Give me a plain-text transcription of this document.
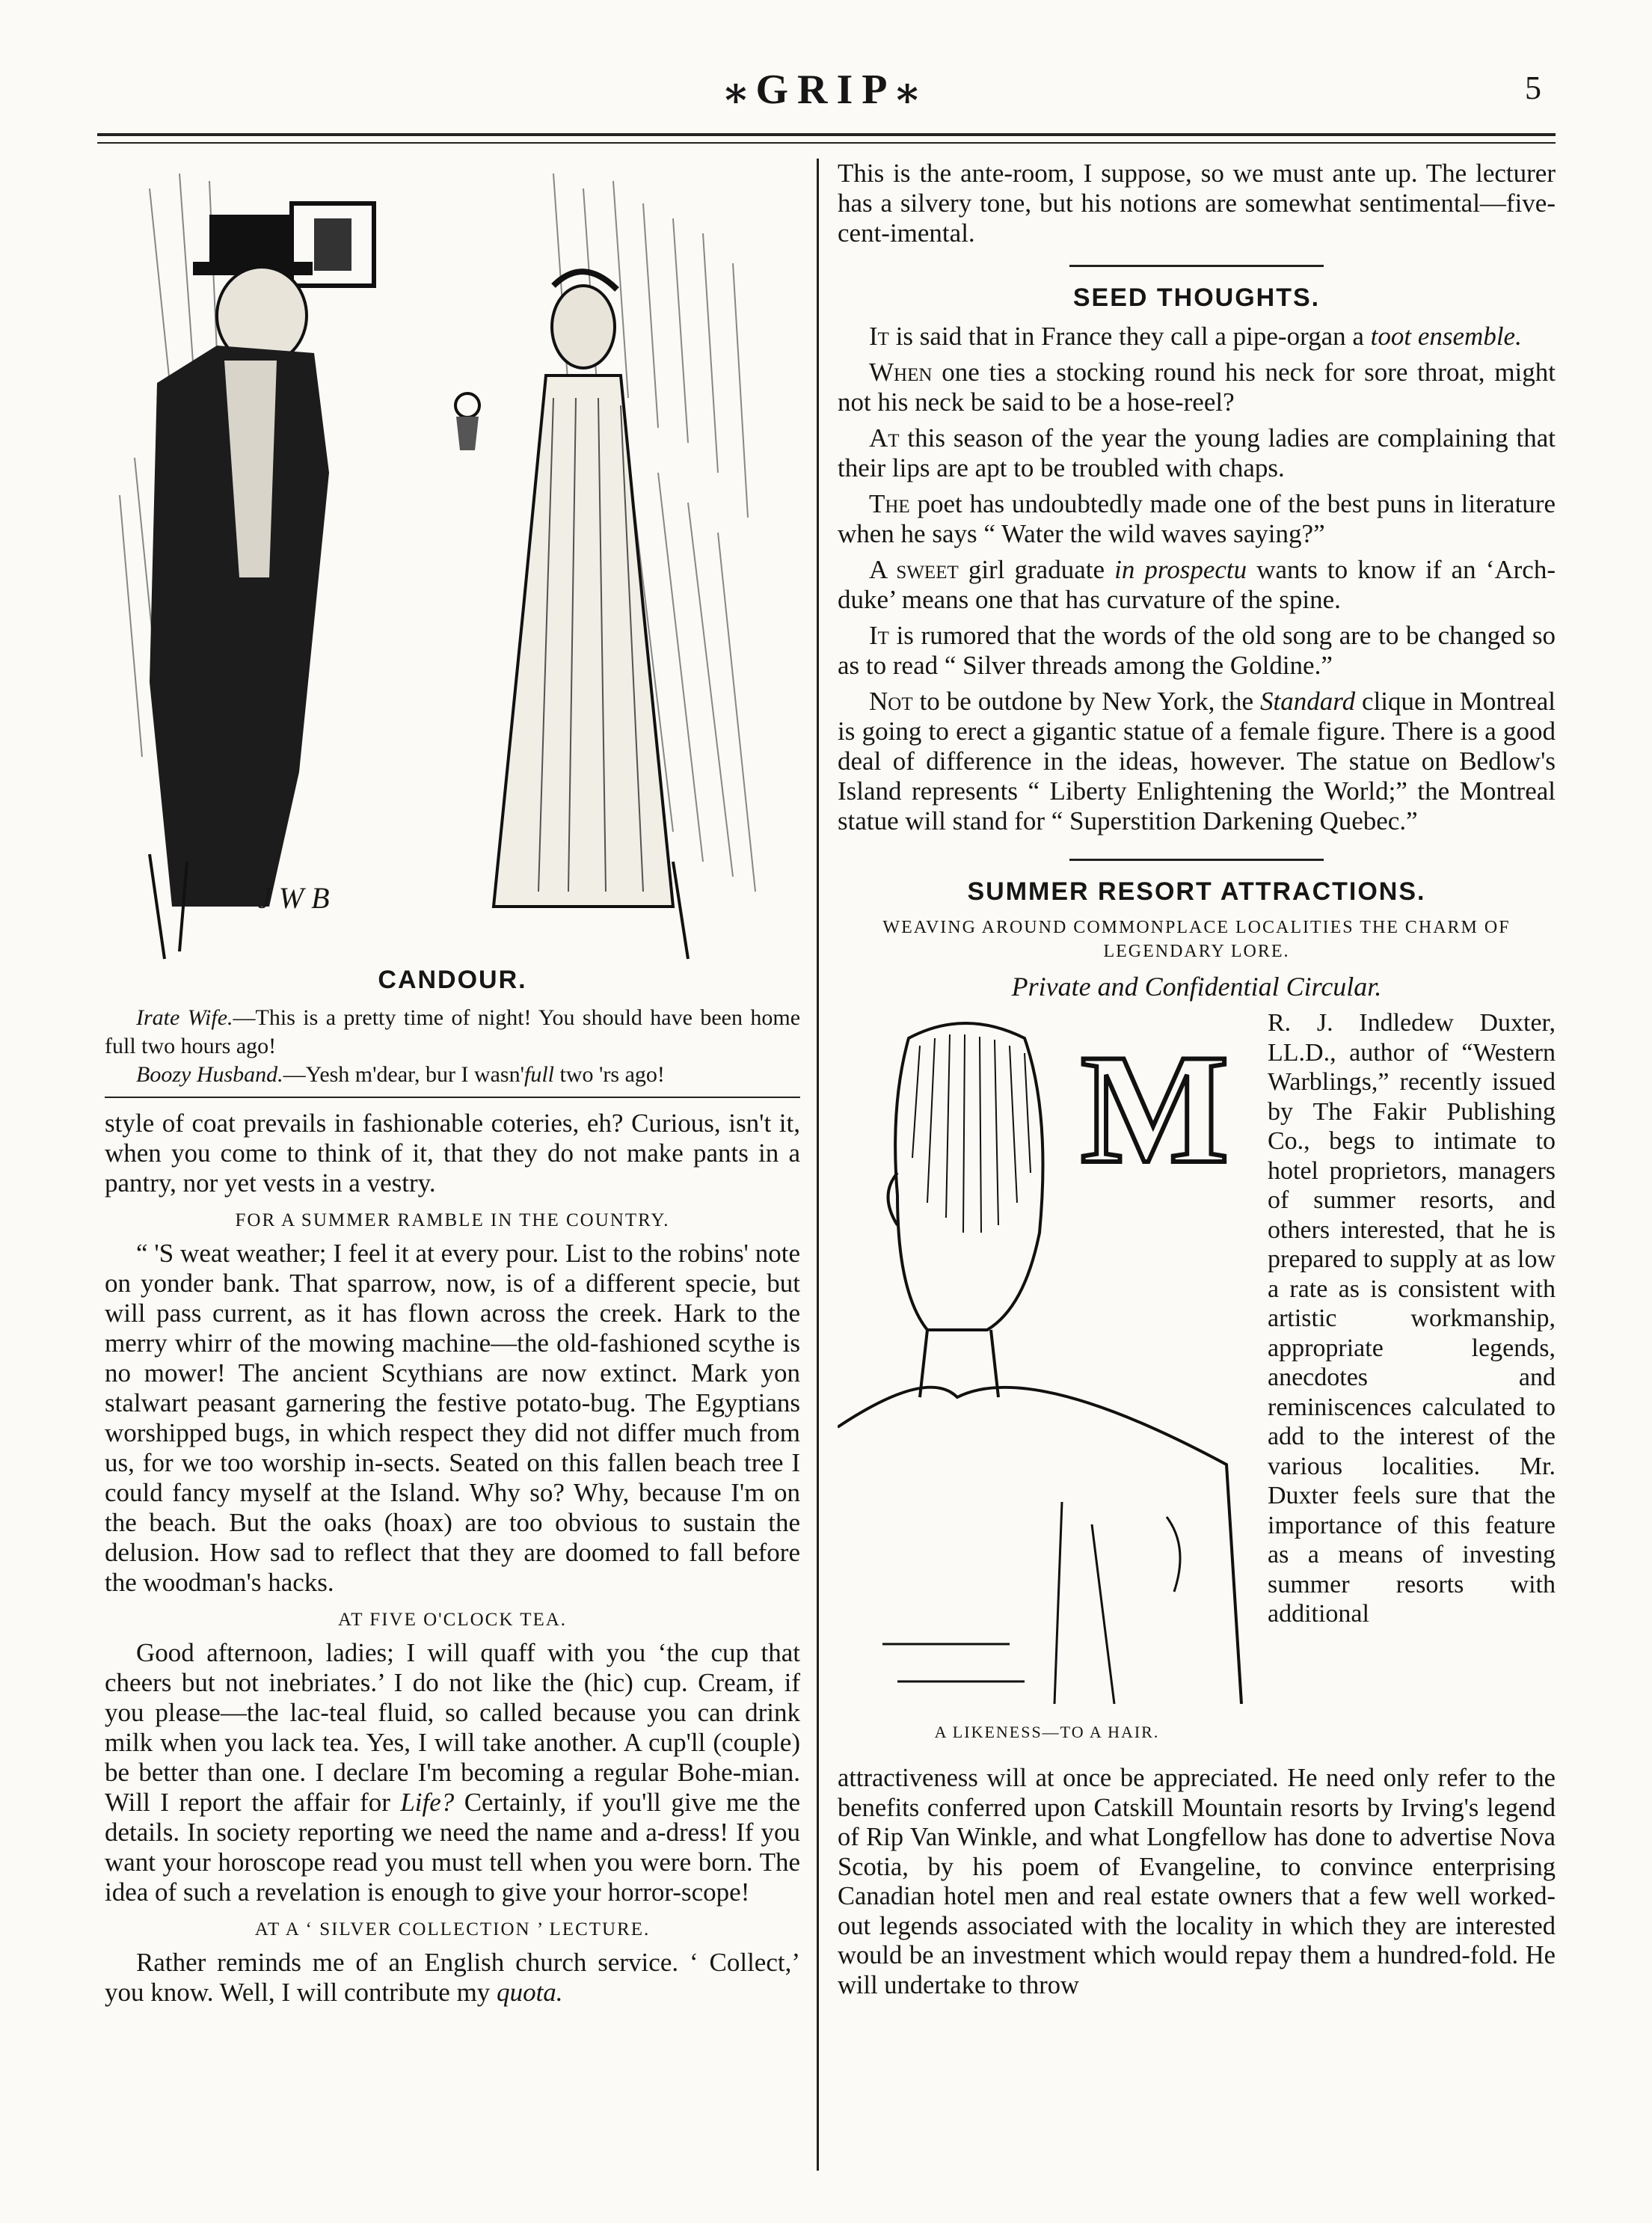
⁎GRIP⁎	5
J W B
CANDOUR.

Irate Wife.—This is a pretty time of night! You should have been home full two hours ago!

Boozy Husband.—Yesh m'dear, bur I wasn'full two 'rs ago!

style of coat prevails in fashionable coteries, eh? Curious, isn't it, when you come to think of it, that they do not make pants in a pantry, nor yet vests in a vestry.

FOR A SUMMER RAMBLE IN THE COUNTRY.

“ 'S weat weather; I feel it at every pour. List to the robins' note on yonder bank. That sparrow, now, is of a different specie, but will pass current, as it has flown across the creek. Hark to the merry whirr of the mowing machine—the old-fashioned scythe is no mower! The ancient Scythians are now extinct. Mark yon stalwart peasant garnering the festive potato-bug. The Egyptians worshipped bugs, in which respect they did not differ much from us, for we too worship in-sects. Seated on this fallen beach tree I could fancy myself at the Island. Why so? Why, because I'm on the beach. But the oaks (hoax) are too obvious to sustain the delusion. How sad to reflect that they are doomed to fall before the woodman's hacks.

AT FIVE O'CLOCK TEA.

Good afternoon, ladies; I will quaff with you ‘the cup that cheers but not inebriates.’ I do not like the (hic) cup. Cream, if you please—the lac-teal fluid, so called because you can drink milk when you lack tea. Yes, I will take another. A cup'll (couple) be better than one. I declare I'm becoming a regular Bohe-mian. Will I report the affair for Life? Certainly, if you'll give me the details. In society reporting we need the name and a-dress! If you want your horoscope read you must tell when you were born. The idea of such a revelation is enough to give your horror-scope!

AT A ‘ SILVER COLLECTION ’ LECTURE.

Rather reminds me of an English church service. ‘ Collect,’ you know. Well, I will contribute my quota.

This is the ante-room, I suppose, so we must ante up. The lecturer has a silvery tone, but his notions are somewhat sentimental—five-cent-imental.

SEED THOUGHTS.

It is said that in France they call a pipe-organ a toot ensemble.

When one ties a stocking round his neck for sore throat, might not his neck be said to be a hose-reel?

At this season of the year the young ladies are complaining that their lips are apt to be troubled with chaps.

The poet has undoubtedly made one of the best puns in literature when he says “ Water the wild waves saying?”

A sweet girl graduate in prospectu wants to know if an ‘Arch-duke’ means one that has curvature of the spine.

It is rumored that the words of the old song are to be changed so as to read “ Silver threads among the Goldine.”

Not to be outdone by New York, the Standard clique in Montreal is going to erect a gigantic statue of a female figure. There is a good deal of difference in the ideas, however. The statue on Bedlow's Island represents “ Liberty Enlightening the World;” the Montreal statue will stand for “ Superstition Darkening Quebec.”

SUMMER RESORT ATTRACTIONS.
WEAVING AROUND COMMONPLACE LOCALITIES THE CHARM OF LEGENDARY LORE.
Private and Confidential Circular.
M
A LIKENESS—TO A HAIR.

R. J. Indledew Duxter, LL.D., author of “Western Warblings,” recently issued by The Fakir Publishing Co., begs to intimate to hotel proprietors, managers of summer resorts, and others interested, that he is prepared to supply at as low a rate as is consistent with artistic workmanship, appropriate legends, anecdotes and reminiscences calculated to add to the interest of the various localities. Mr. Duxter feels sure that the importance of this feature as a means of investing summer resorts with additional

attractiveness will at once be appreciated. He need only refer to the benefits conferred upon Catskill Mountain resorts by Irving's legend of Rip Van Winkle, and what Longfellow has done to advertise Nova Scotia, by his poem of Evangeline, to convince enterprising Canadian hotel men and real estate owners that a few well worked-out legends associated with the locality in which they are interested would be an investment which would repay them a hundred-fold. He will undertake to throw
